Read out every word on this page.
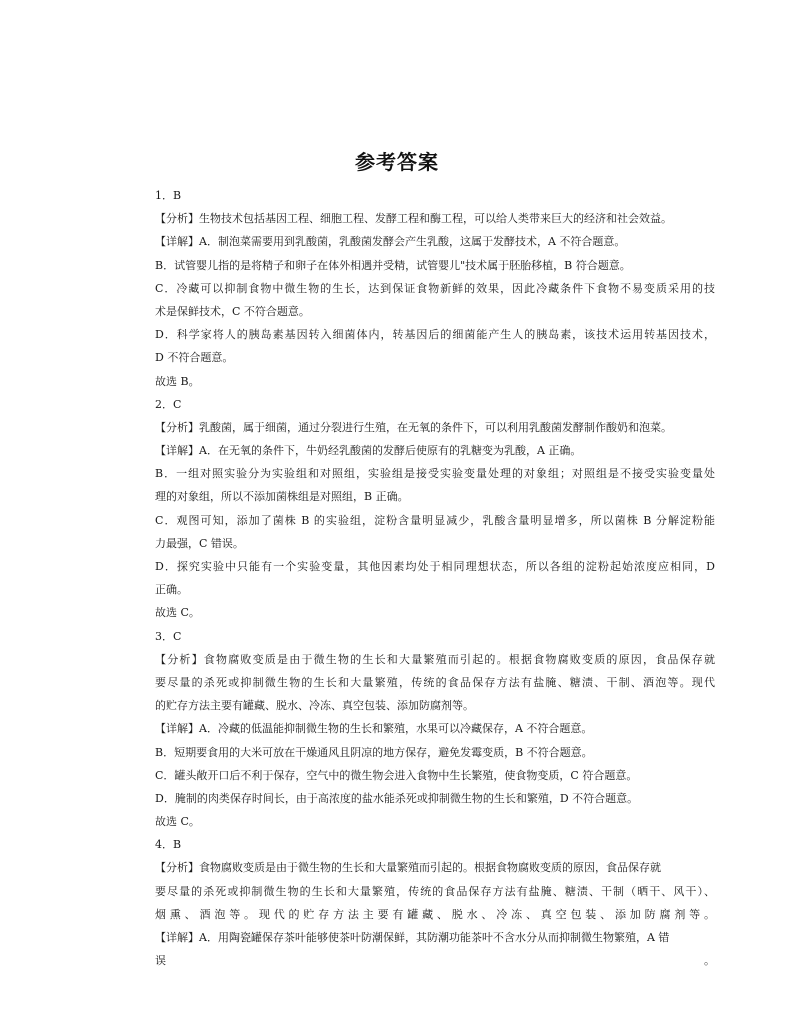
参考答案
1．B
【分析】生物技术包括基因工程、细胞工程、发酵工程和酶工程，可以给人类带来巨大的经济和社会效益。
【详解】A．制泡菜需要用到乳酸菌，乳酸菌发酵会产生乳酸，这属于发酵技术，A 不符合题意。
B．试管婴儿指的是将精子和卵子在体外相遇并受精，试管婴儿"技术属于胚胎移植，B 符合题意。
C．冷藏可以抑制食物中微生物的生长，达到保证食物新鲜的效果，因此冷藏条件下食物不易变质采用的技
术是保鲜技术，C 不符合题意。
D．科学家将人的胰岛素基因转入细菌体内，转基因后的细菌能产生人的胰岛素，该技术运用转基因技术，
D 不符合题意。
故选 B。
2．C
【分析】乳酸菌，属于细菌，通过分裂进行生殖，在无氧的条件下，可以利用乳酸菌发酵制作酸奶和泡菜。
【详解】A．在无氧的条件下，牛奶经乳酸菌的发酵后使原有的乳糖变为乳酸，A 正确。
B．一组对照实验分为实验组和对照组，实验组是接受实验变量处理的对象组；对照组是不接受实验变量处
理的对象组，所以不添加菌株组是对照组，B 正确。
C．观图可知，添加了菌株 B 的实验组，淀粉含量明显减少，乳酸含量明显增多，所以菌株 B 分解淀粉能
力最强，C 错误。
D．探究实验中只能有一个实验变量，其他因素均处于相同理想状态，所以各组的淀粉起始浓度应相同，D
正确。
故选 C。
3．C
【分析】食物腐败变质是由于微生物的生长和大量繁殖而引起的。根据食物腐败变质的原因，食品保存就
要尽量的杀死或抑制微生物的生长和大量繁殖，传统的食品保存方法有盐腌、糖渍、干制、酒泡等。现代
的贮存方法主要有罐藏、脱水、冷冻、真空包装、添加防腐剂等。
【详解】A．冷藏的低温能抑制微生物的生长和繁殖，水果可以冷藏保存，A 不符合题意。
B．短期要食用的大米可放在干燥通风且阴凉的地方保存，避免发霉变质，B 不符合题意。
C．罐头敞开口后不利于保存，空气中的微生物会进入食物中生长繁殖，使食物变质，C 符合题意。
D．腌制的肉类保存时间长，由于高浓度的盐水能杀死或抑制微生物的生长和繁殖，D 不符合题意。
故选 C。
4．B
【分析】食物腐败变质是由于微生物的生长和大量繁殖而引起的。根据食物腐败变质的原因，食品保存就
要尽量的杀死或抑制微生物的生长和大量繁殖，传统的食品保存方法有盐腌、糖渍、干制（晒干、风干）、
烟熏、酒泡等。现代的贮存方法主要有罐藏、脱水、冷冻、真空包装、添加防腐剂等。
【详解】A．用陶瓷罐保存茶叶能够使茶叶防潮保鲜，其防潮功能茶叶不含水分从而抑制微生物繁殖，A 错
误。
